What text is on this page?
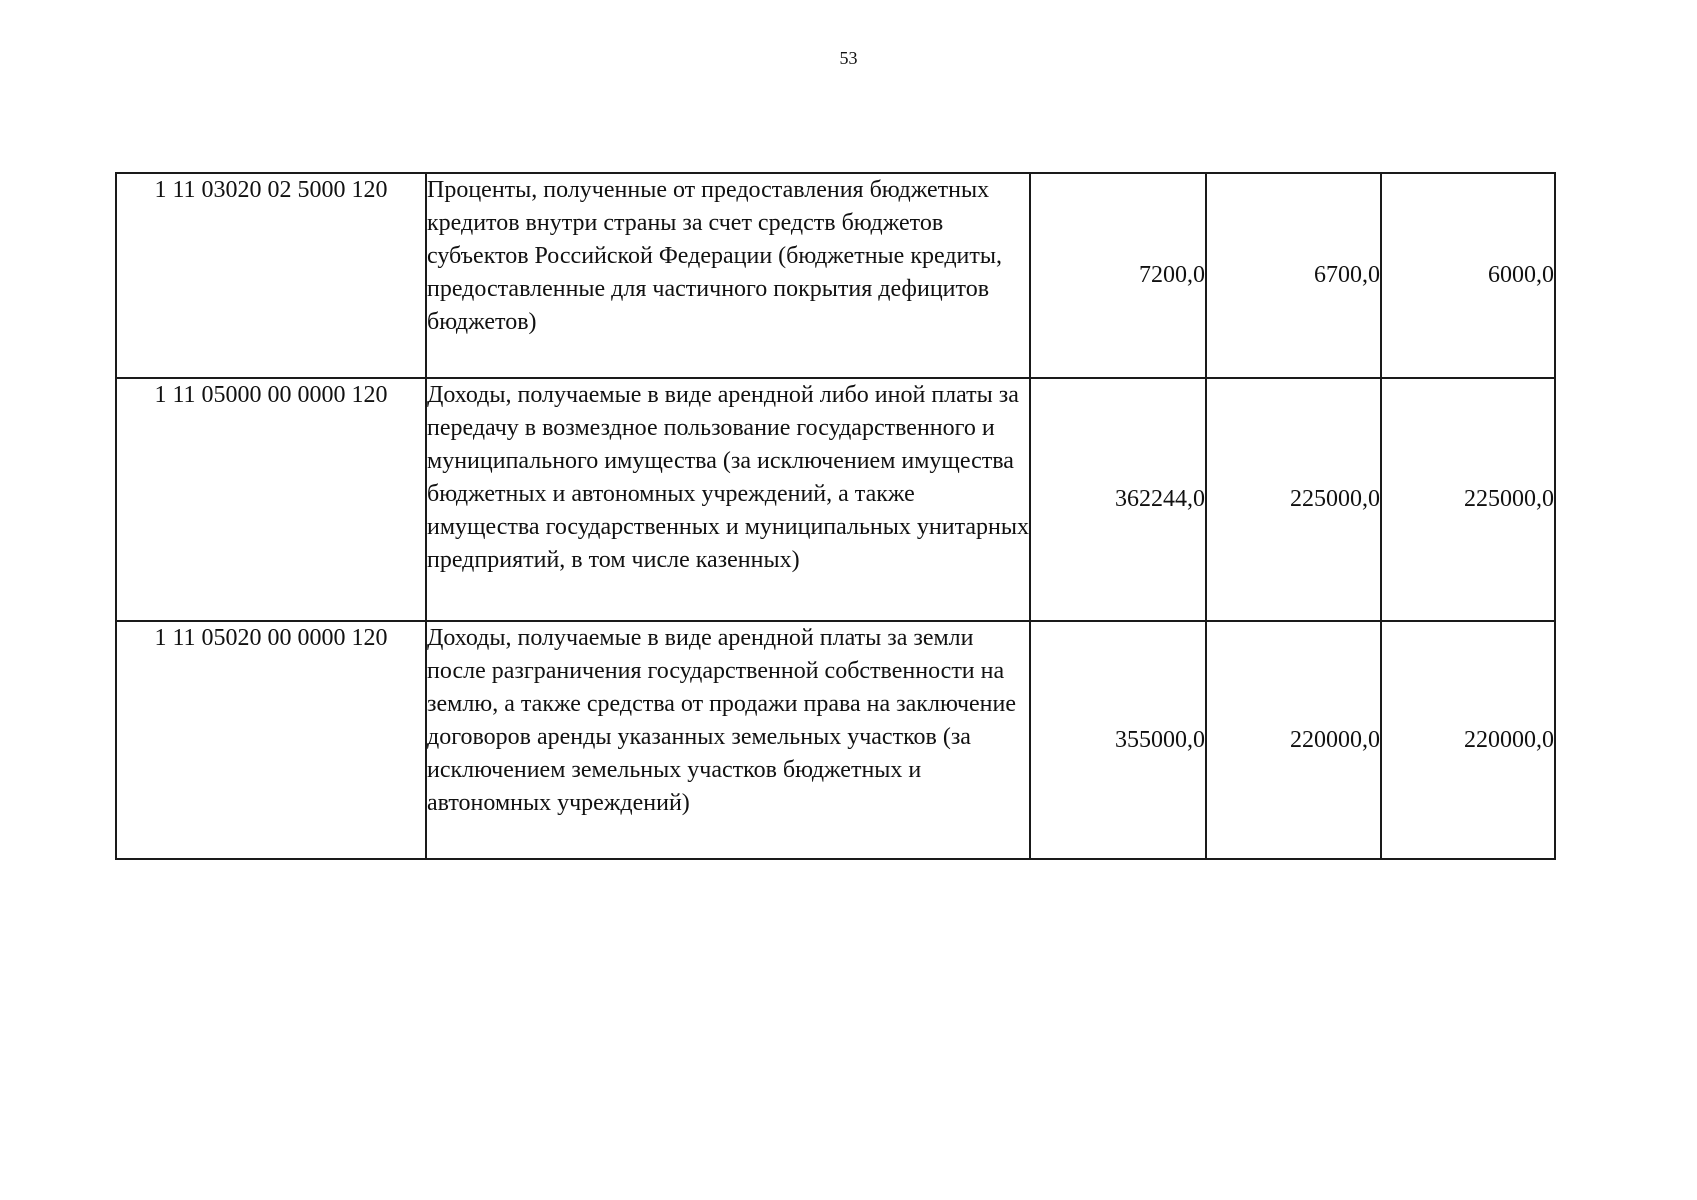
53
1 11 03020 02 5000 120	Проценты, полученные от предоставления бюджетных кредитов внутри страны за счет средств бюджетов субъектов Российской Федерации (бюджетные кредиты, предоставленные для частичного покрытия дефицитов бюджетов)	7200,0	6700,0	6000,0
1 11 05000 00 0000 120	Доходы, получаемые в виде арендной либо иной платы за передачу в возмездное пользование государственного и муниципального имущества (за исключением имущества бюджетных и автономных учреждений, а также имущества государственных и муниципальных унитарных предприятий, в том числе казенных)	362244,0	225000,0	225000,0
1 11 05020 00 0000 120	Доходы, получаемые в виде арендной платы за земли после разграничения государственной собственности на землю, а также средства от продажи права на заключение договоров аренды указанных земельных участков (за исключением земельных участков бюджетных и автономных учреждений)	355000,0	220000,0	220000,0
